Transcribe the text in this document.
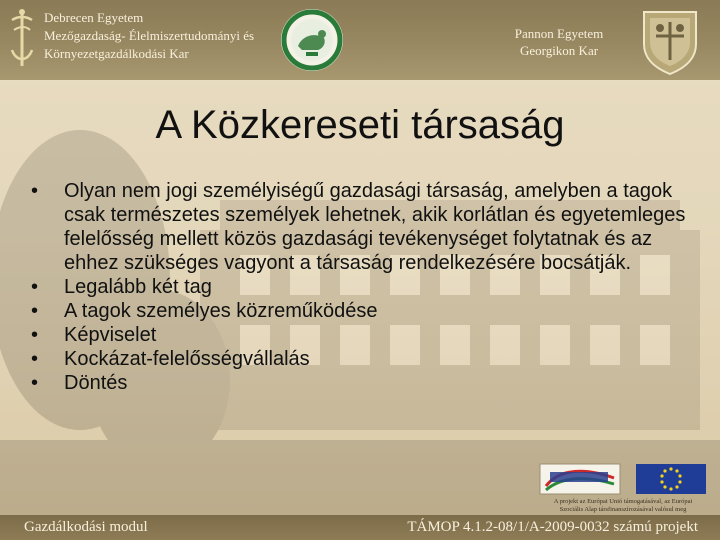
Debrecen Egyetem
Mezőgazdaság- Élelmiszertudományi és
Környezetgazdálkodási Kar
Pannon Egyetem
Georgikon Kar
A Közkereseti társaság
• Olyan nem jogi személyiségű gazdasági társaság, amelyben a tagok csak természetes személyek lehetnek, akik korlátlan és egyetemleges felelősség mellett közös gazdasági tevékenységet folytatnak és az ehhez szükséges vagyont a társaság rendelkezésére bocsátják.
• Legalább két tag
• A tagok személyes közreműködése
• Képviselet
• Kockázat-felelősségvállalás
• Döntés
A projekt az Európai Unió támogatásával, az Európai
Szociális Alap társfinanszírozásával valósul meg
Gazdálkodási modul	TÁMOP 4.1.2-08/1/A-2009-0032 számú projekt
